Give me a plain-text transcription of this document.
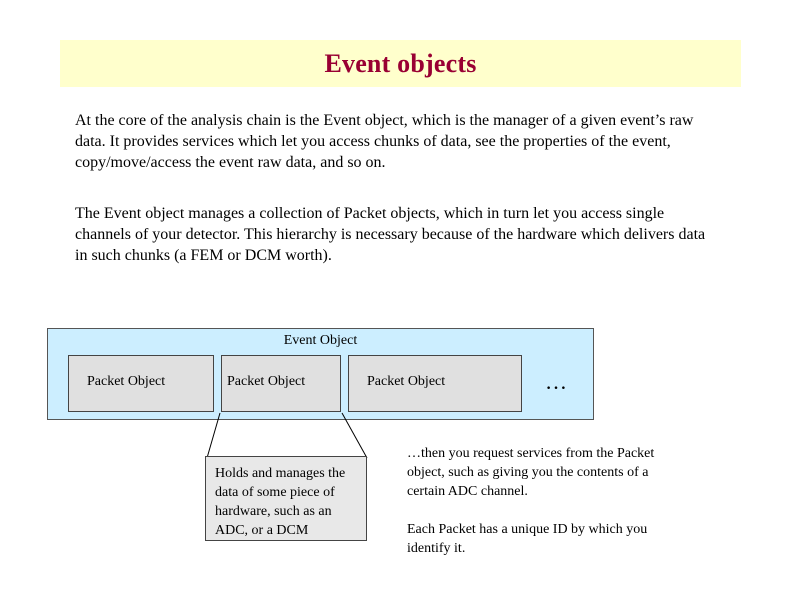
Event objects
At the core of the analysis chain is the Event object, which is the manager of a given event’s raw data. It provides services which let you access chunks of data, see the properties of the event, copy/move/access the event raw data, and so on.
The Event object manages a collection of Packet objects, which in turn let you access single channels of your detector. This hierarchy is necessary because of the hardware which delivers data in such chunks (a FEM or DCM worth).
Event Object
Packet Object	Packet Object	Packet Object	…
Holds and manages the data of some piece of hardware, such as an ADC, or a DCM

…then you request services from the Packet object, such as giving you the contents of a certain ADC channel.

Each Packet has a unique ID by which you identify it.
